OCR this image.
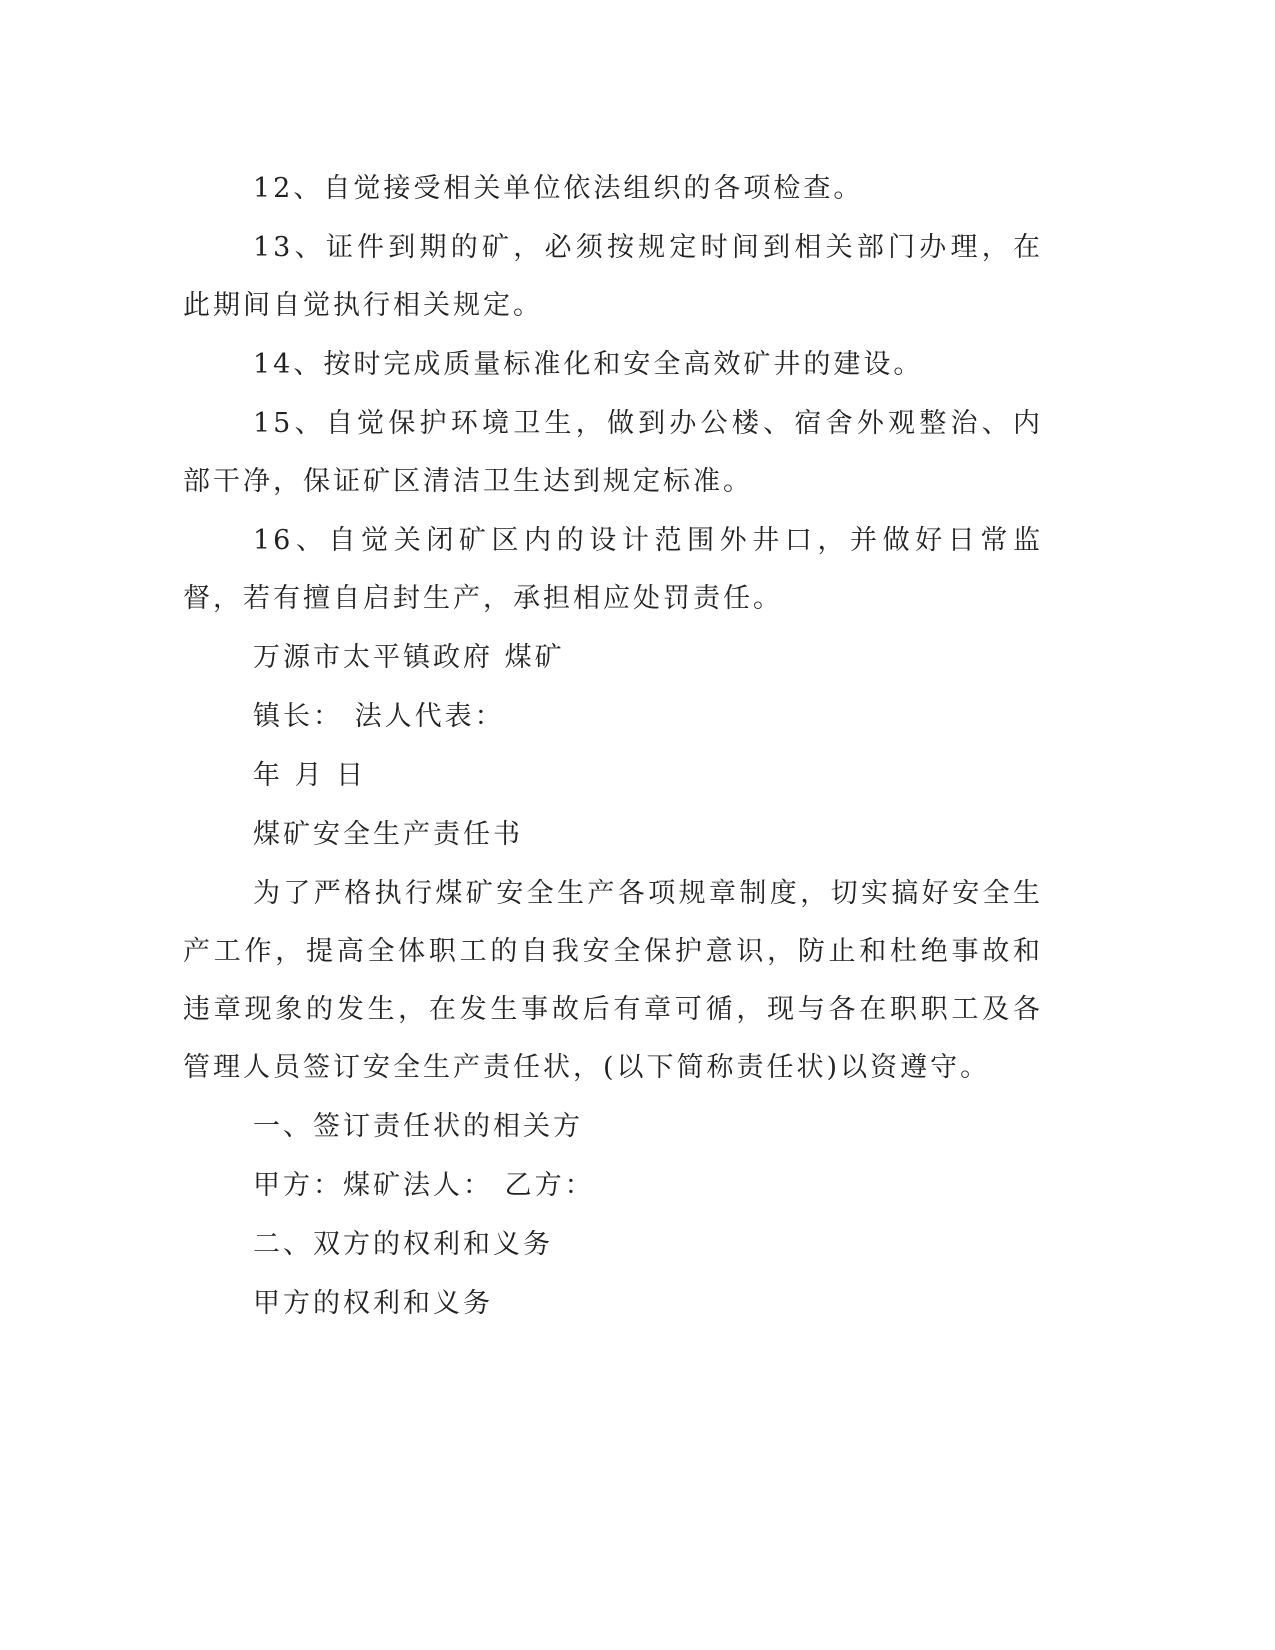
12、自觉接受相关单位依法组织的各项检查。

13、证件到期的矿，必须按规定时间到相关部门办理，在此期间自觉执行相关规定。

14、按时完成质量标准化和安全高效矿井的建设。

15、自觉保护环境卫生，做到办公楼、宿舍外观整治、内部干净，保证矿区清洁卫生达到规定标准。

16、自觉关闭矿区内的设计范围外井口，并做好日常监督，若有擅自启封生产，承担相应处罚责任。

万源市太平镇政府 煤矿

镇长： 法人代表：

年 月 日

煤矿安全生产责任书

为了严格执行煤矿安全生产各项规章制度，切实搞好安全生产工作，提高全体职工的自我安全保护意识，防止和杜绝事故和违章现象的发生，在发生事故后有章可循，现与各在职职工及各管理人员签订安全生产责任状，(以下简称责任状)以资遵守。

一、签订责任状的相关方

甲方：煤矿法人： 乙方：

二、双方的权利和义务

甲方的权利和义务
